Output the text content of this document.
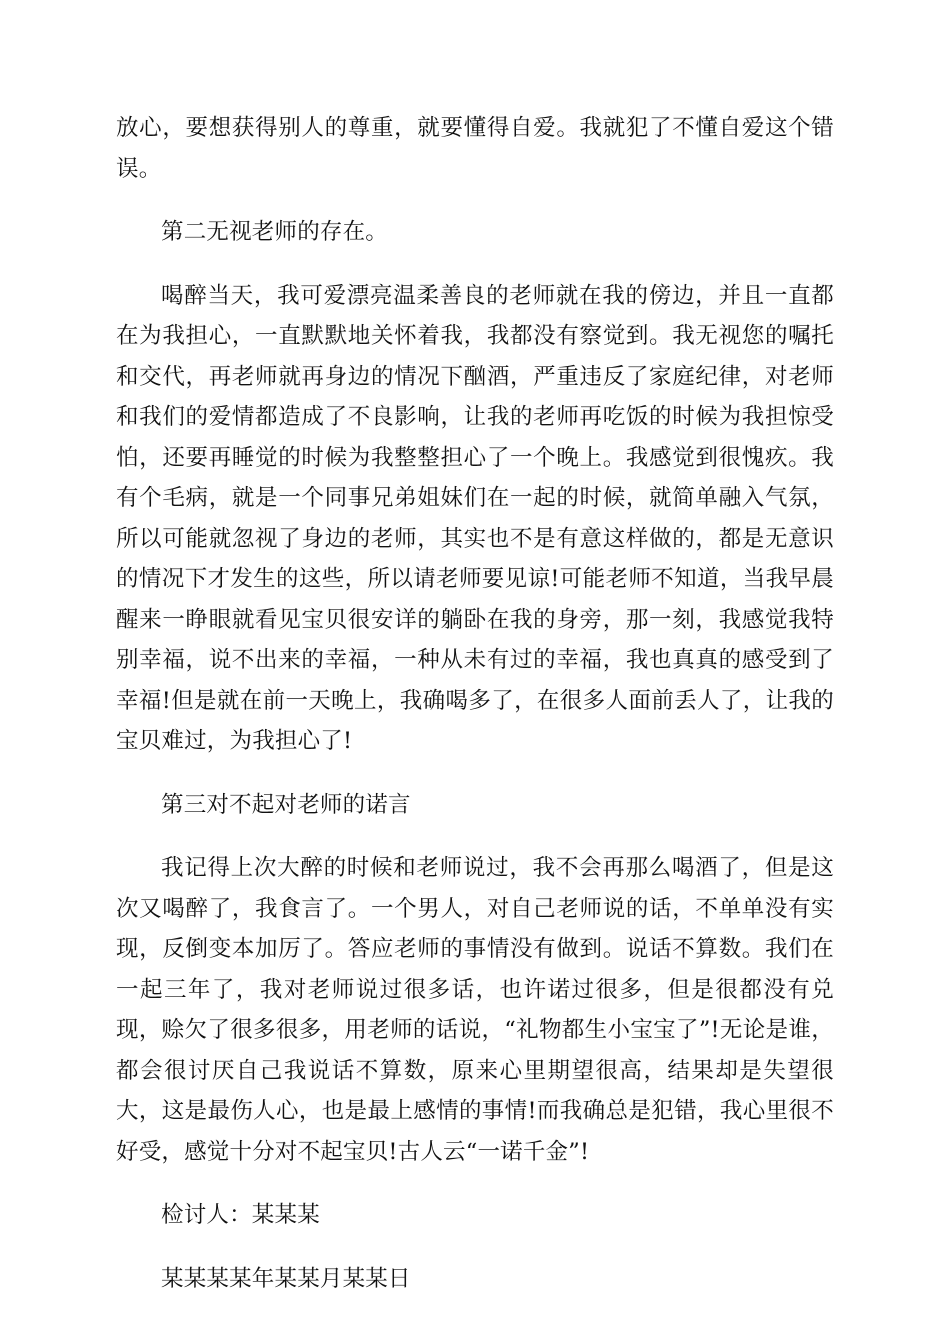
放心，要想获得别人的尊重，就要懂得自爱。我就犯了不懂自爱这个错误。

第二无视老师的存在。

喝醉当天，我可爱漂亮温柔善良的老师就在我的傍边，并且一直都在为我担心，一直默默地关怀着我，我都没有察觉到。我无视您的嘱托和交代，再老师就再身边的情况下酗酒，严重违反了家庭纪律，对老师和我们的爱情都造成了不良影响，让我的老师再吃饭的时候为我担惊受怕，还要再睡觉的时候为我整整担心了一个晚上。我感觉到很愧疚。我有个毛病，就是一个同事兄弟姐妹们在一起的时候，就简单融入气氛，所以可能就忽视了身边的老师，其实也不是有意这样做的，都是无意识的情况下才发生的这些，所以请老师要见谅!可能老师不知道，当我早晨醒来一睁眼就看见宝贝很安详的躺卧在我的身旁，那一刻，我感觉我特别幸福，说不出来的幸福，一种从未有过的幸福，我也真真的感受到了幸福!但是就在前一天晚上，我确喝多了，在很多人面前丢人了，让我的宝贝难过，为我担心了!

第三对不起对老师的诺言

我记得上次大醉的时候和老师说过，我不会再那么喝酒了，但是这次又喝醉了，我食言了。一个男人，对自己老师说的话，不单单没有实现，反倒变本加厉了。答应老师的事情没有做到。说话不算数。我们在一起三年了，我对老师说过很多话，也许诺过很多，但是很都没有兑现，赊欠了很多很多，用老师的话说，“礼物都生小宝宝了”!无论是谁，都会很讨厌自己我说话不算数，原来心里期望很高，结果却是失望很大，这是最伤人心，也是最上感情的事情!而我确总是犯错，我心里很不好受，感觉十分对不起宝贝!古人云“一诺千金”!

检讨人：某某某

某某某某年某某月某某日
